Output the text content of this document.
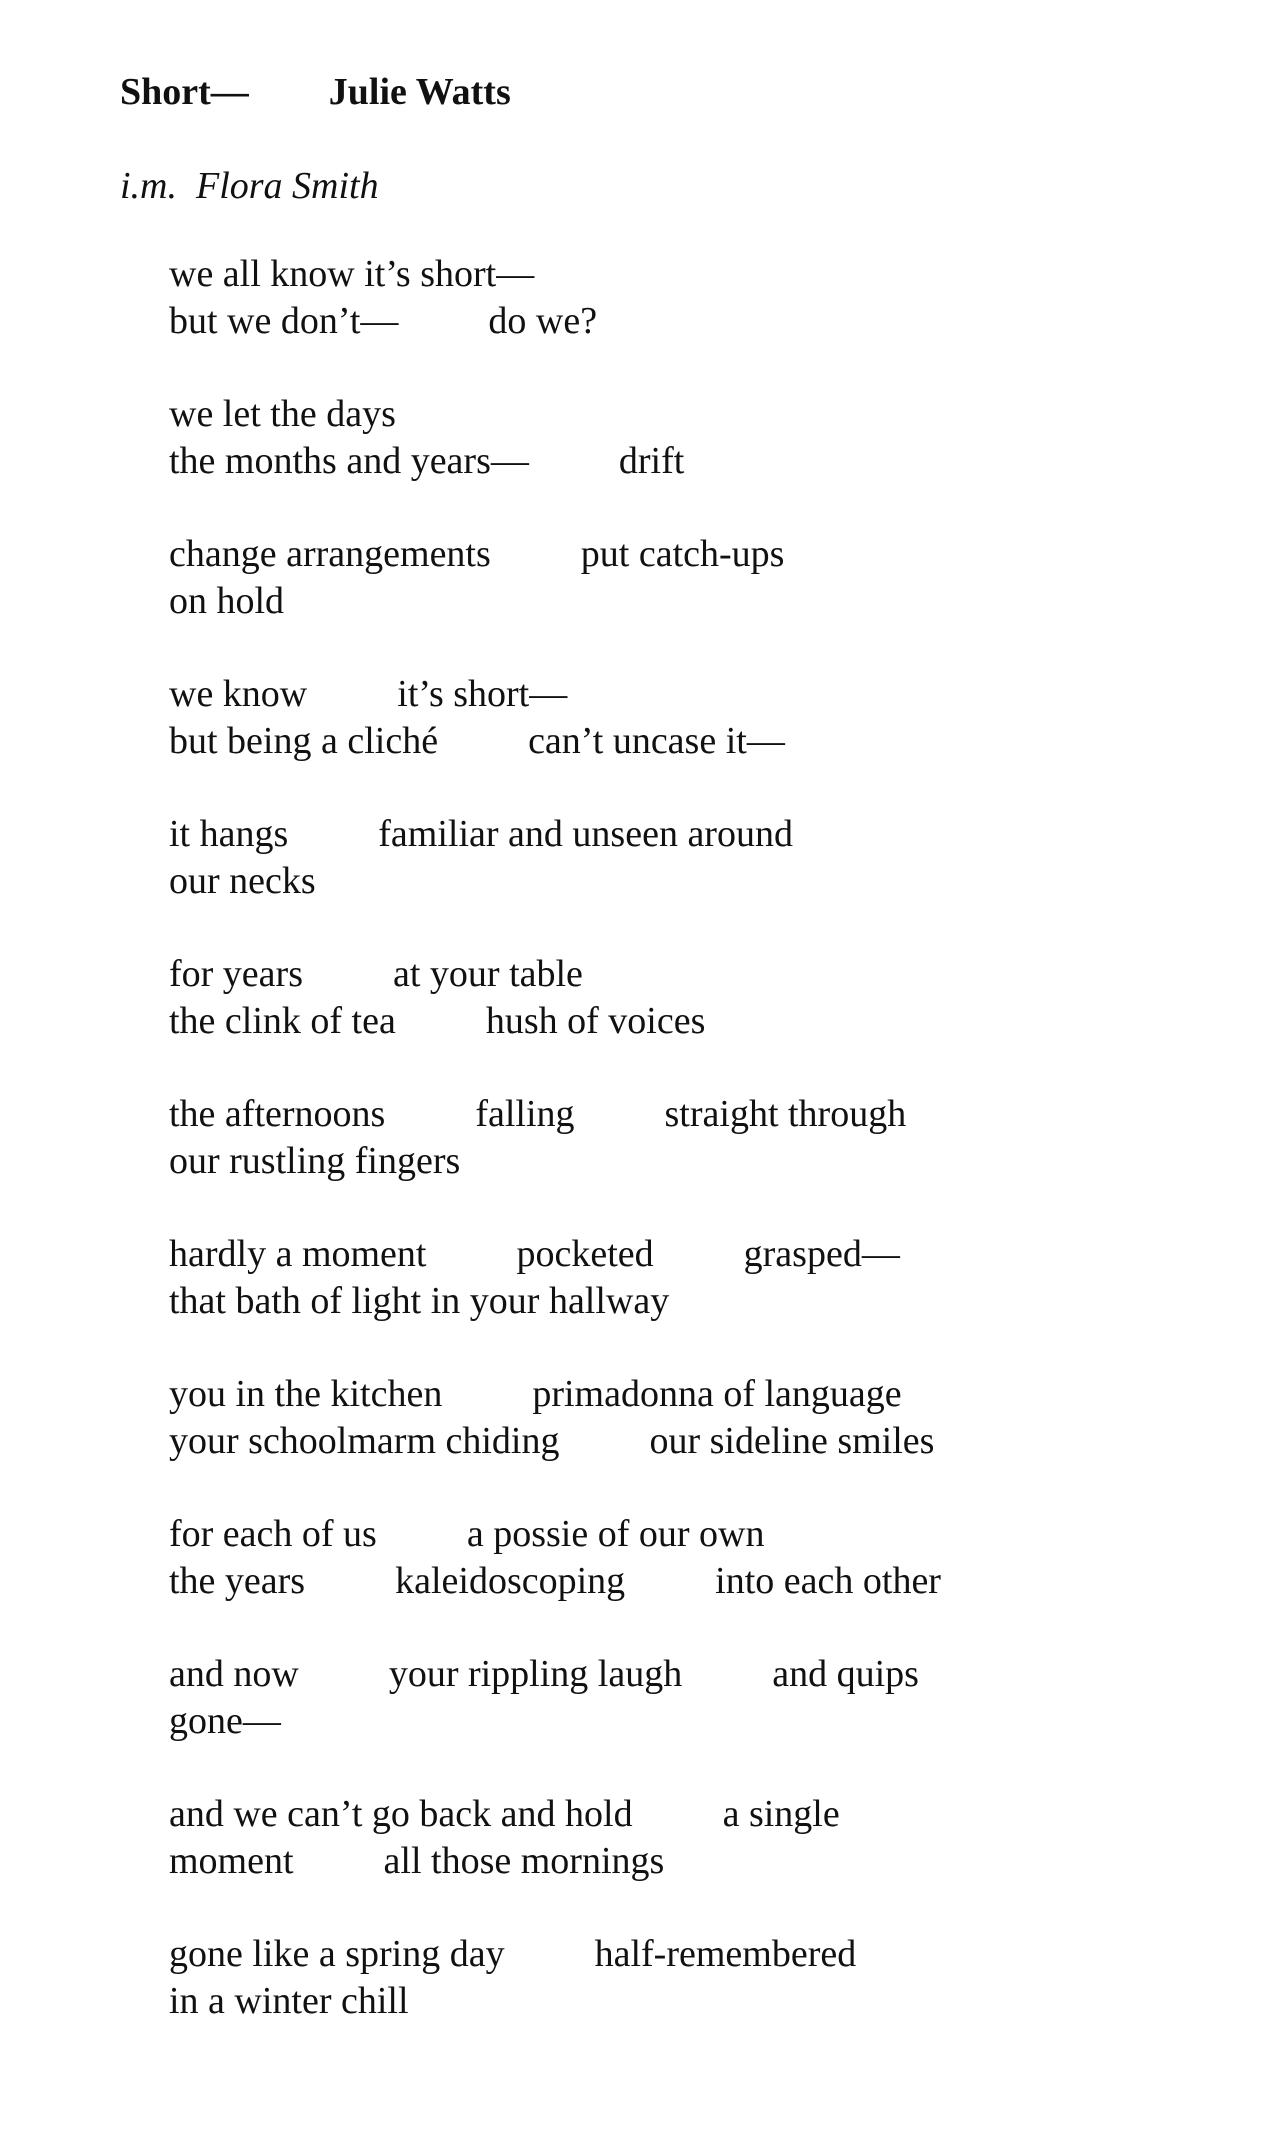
Short— Julie Watts
i.m.  Flora Smith
we all know it’s short—
but we don’t— do we?
we let the days
the months and years— drift
change arrangements put catch-ups
on hold
we know it’s short—
but being a cliché can’t uncase it—
it hangs familiar and unseen around
our necks
for years at your table
the clink of tea hush of voices
the afternoons falling straight through
our rustling fingers
hardly a moment pocketed grasped—
that bath of light in your hallway
you in the kitchen primadonna of language
your schoolmarm chiding our sideline smiles
for each of us a possie of our own
the years kaleidoscoping into each other
and now your rippling laugh and quips
gone—
and we can’t go back and hold a single
moment all those mornings
gone like a spring day half-remembered
in a winter chill
